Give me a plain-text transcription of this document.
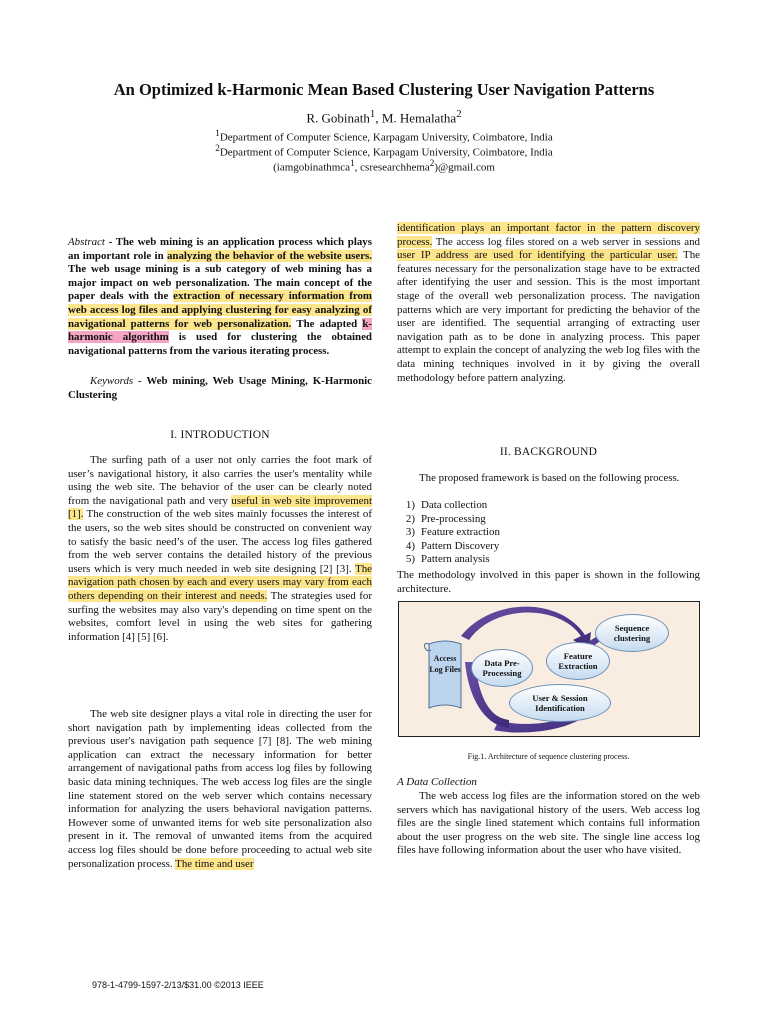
An Optimized k-Harmonic Mean Based Clustering User Navigation Patterns
R. Gobinath$^1$, M. Hemalatha$^2$
$^1$Department of Computer Science, Karpagam University, Coimbatore, India
$^2$Department of Computer Science, Karpagam University, Coimbatore, India
(iamgobinathmca$^1$, csresearchhema$^2$)@gmail.com
Abstract - The web mining is an application process which plays an important role in analyzing the behavior of the website users. The web usage mining is a sub category of web mining has a major impact on web personalization. The main concept of the paper deals with the extraction of necessary information from web access log files and applying clustering for easy analyzing of navigational patterns for web personalization. The adapted k-harmonic algorithm is used for clustering the obtained navigational patterns from the various iterating process.
Keywords - Web mining, Web Usage Mining, K-Harmonic Clustering
I. INTRODUCTION
The surfing path of a user not only carries the foot mark of user’s navigational history, it also carries the user's mentality while using the web site. The behavior of the user can be clearly noted from the navigational path and very useful in web site improvement [1]. The construction of the web sites mainly focusses the interest of the users, so the web sites should be constructed on convenient way to satisfy the basic need’s of the user. The access log files gathered from the web server contains the detailed history of the previous users which is very much needed in web site designing [2] [3]. The navigation path chosen by each and every users may vary from each others depending on their interest and needs. The strategies used for surfing the websites may also vary's depending on time spent on the websites, comfort level in using the web sites for gathering information [4] [5] [6].
The web site designer plays a vital role in directing the user for short navigation path by implementing ideas collected from the previous user's navigation path sequence [7] [8]. The web mining application can extract the necessary information for better arrangement of navigational paths from access log files by following basic data mining techniques. The web access log files are the single line statement stored on the web server which contains necessary information for analyzing the users behavioral navigation patterns. However some of unwanted items for web site personalization also present in it. The removal of unwanted items from the acquired access log files should be done before proceeding to actual web site personalization process. The time and user
identification plays an important factor in the pattern discovery process. The access log files stored on a web server in sessions and user IP address are used for identifying the particular user. The features necessary for the personalization stage have to be extracted after identifying the user and session. This is the most important stage of the overall web personalization process. The navigation patterns which are very important for predicting the behavior of the user are identified. The sequential arranging of extracting user navigation path as to be done in analyzing process. This paper attempt to explain the concept of analyzing the web log files with the data mining techniques involved in it by giving the overall methodology before pattern analyzing.
II. BACKGROUND
The proposed framework is based on the following process.
1) Data collection
2) Pre-processing
3) Feature extraction
4) Pattern Discovery
5) Pattern analysis
The methodology involved in this paper is shown in the following architecture.
Access Log Files
Data Pre-Processing
Feature Extraction
Sequence clustering
User & Session Identification
Fig.1. Architecture of sequence clustering process.
A Data Collection
The web access log files are the information stored on the web servers which has navigational history of the users. Web access log files are the single lined statement which contains full information about the user progress on the web site. The single line access log files have following information about the user who have visited.
978-1-4799-1597-2/13/$31.00 ©2013 IEEE
